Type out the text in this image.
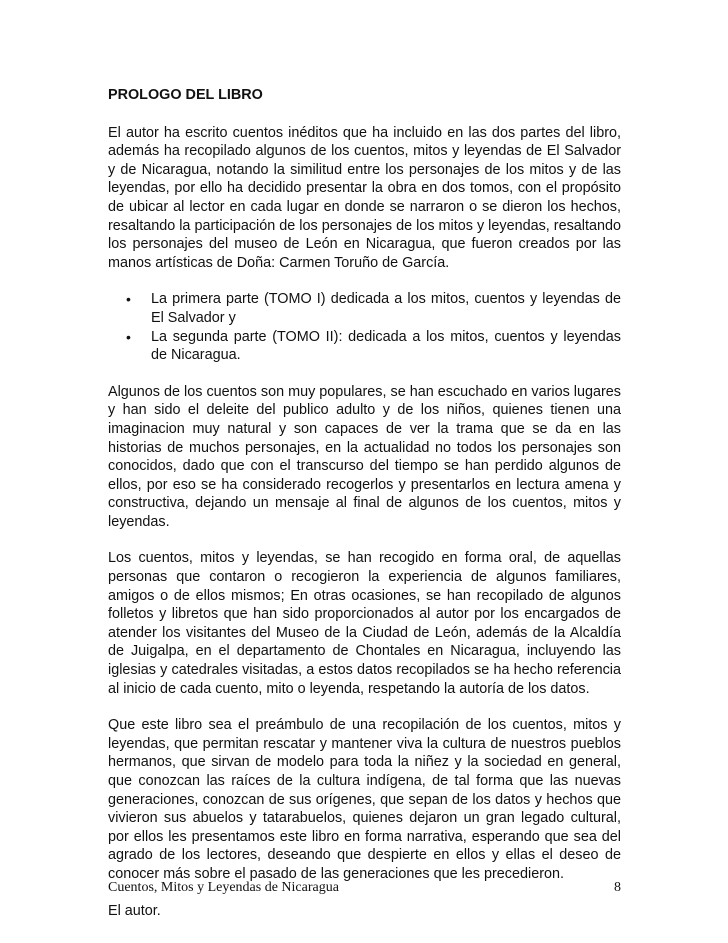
PROLOGO DEL LIBRO

El autor ha escrito cuentos inéditos que ha incluido en las dos partes del libro, además ha recopilado algunos de los cuentos, mitos y leyendas de El Salvador y de Nicaragua, notando la similitud entre los personajes de los mitos y de las leyendas, por ello ha decidido presentar la obra en dos tomos, con el propósito de ubicar al lector en cada lugar en donde se narraron o se dieron los hechos, resaltando la participación de los personajes de los mitos y leyendas, resaltando los personajes del museo de León en Nicaragua, que fueron creados por las manos artísticas de Doña: Carmen Toruño de García.

• La primera parte (TOMO I) dedicada a los mitos, cuentos y leyendas de El Salvador y
• La segunda parte (TOMO II): dedicada a los mitos, cuentos y leyendas de Nicaragua.

Algunos de los cuentos son muy populares, se han escuchado en varios lugares y han sido el deleite del publico adulto y de los niños, quienes tienen una imaginacion muy natural y son capaces de ver la trama que se da en las historias de muchos personajes, en la actualidad no todos los personajes son conocidos, dado que con el transcurso del tiempo se han perdido algunos de ellos, por eso se ha considerado recogerlos y presentarlos en lectura amena y constructiva, dejando un mensaje al final de algunos de los cuentos, mitos y leyendas.

Los cuentos, mitos y leyendas, se han recogido en forma oral, de aquellas personas que contaron o recogieron la experiencia de algunos familiares, amigos o de ellos mismos; En otras ocasiones, se han recopilado de algunos folletos y libretos que han sido proporcionados al autor por los encargados de atender los visitantes del Museo de la Ciudad de León, además de la Alcaldía de Juigalpa, en el departamento de Chontales en Nicaragua, incluyendo las iglesias y catedrales visitadas, a estos datos recopilados se ha hecho referencia al inicio de cada cuento, mito o leyenda, respetando la autoría de los datos.

Que este libro sea el preámbulo de una recopilación de los cuentos, mitos y leyendas, que permitan rescatar y mantener viva la cultura de nuestros pueblos hermanos, que sirvan de modelo para toda la niñez y la sociedad en general, que conozcan las raíces de la cultura indígena, de tal forma que las nuevas generaciones, conozcan de sus orígenes, que sepan de los datos y hechos que vivieron sus abuelos y tatarabuelos, quienes dejaron un gran legado cultural, por ellos les presentamos este libro en forma narrativa, esperando que sea del agrado de los lectores, deseando que despierte en ellos y ellas el deseo de conocer más sobre el pasado de las generaciones que les precedieron.

El autor.

Cuentos, Mitos y Leyendas de Nicaragua	8
